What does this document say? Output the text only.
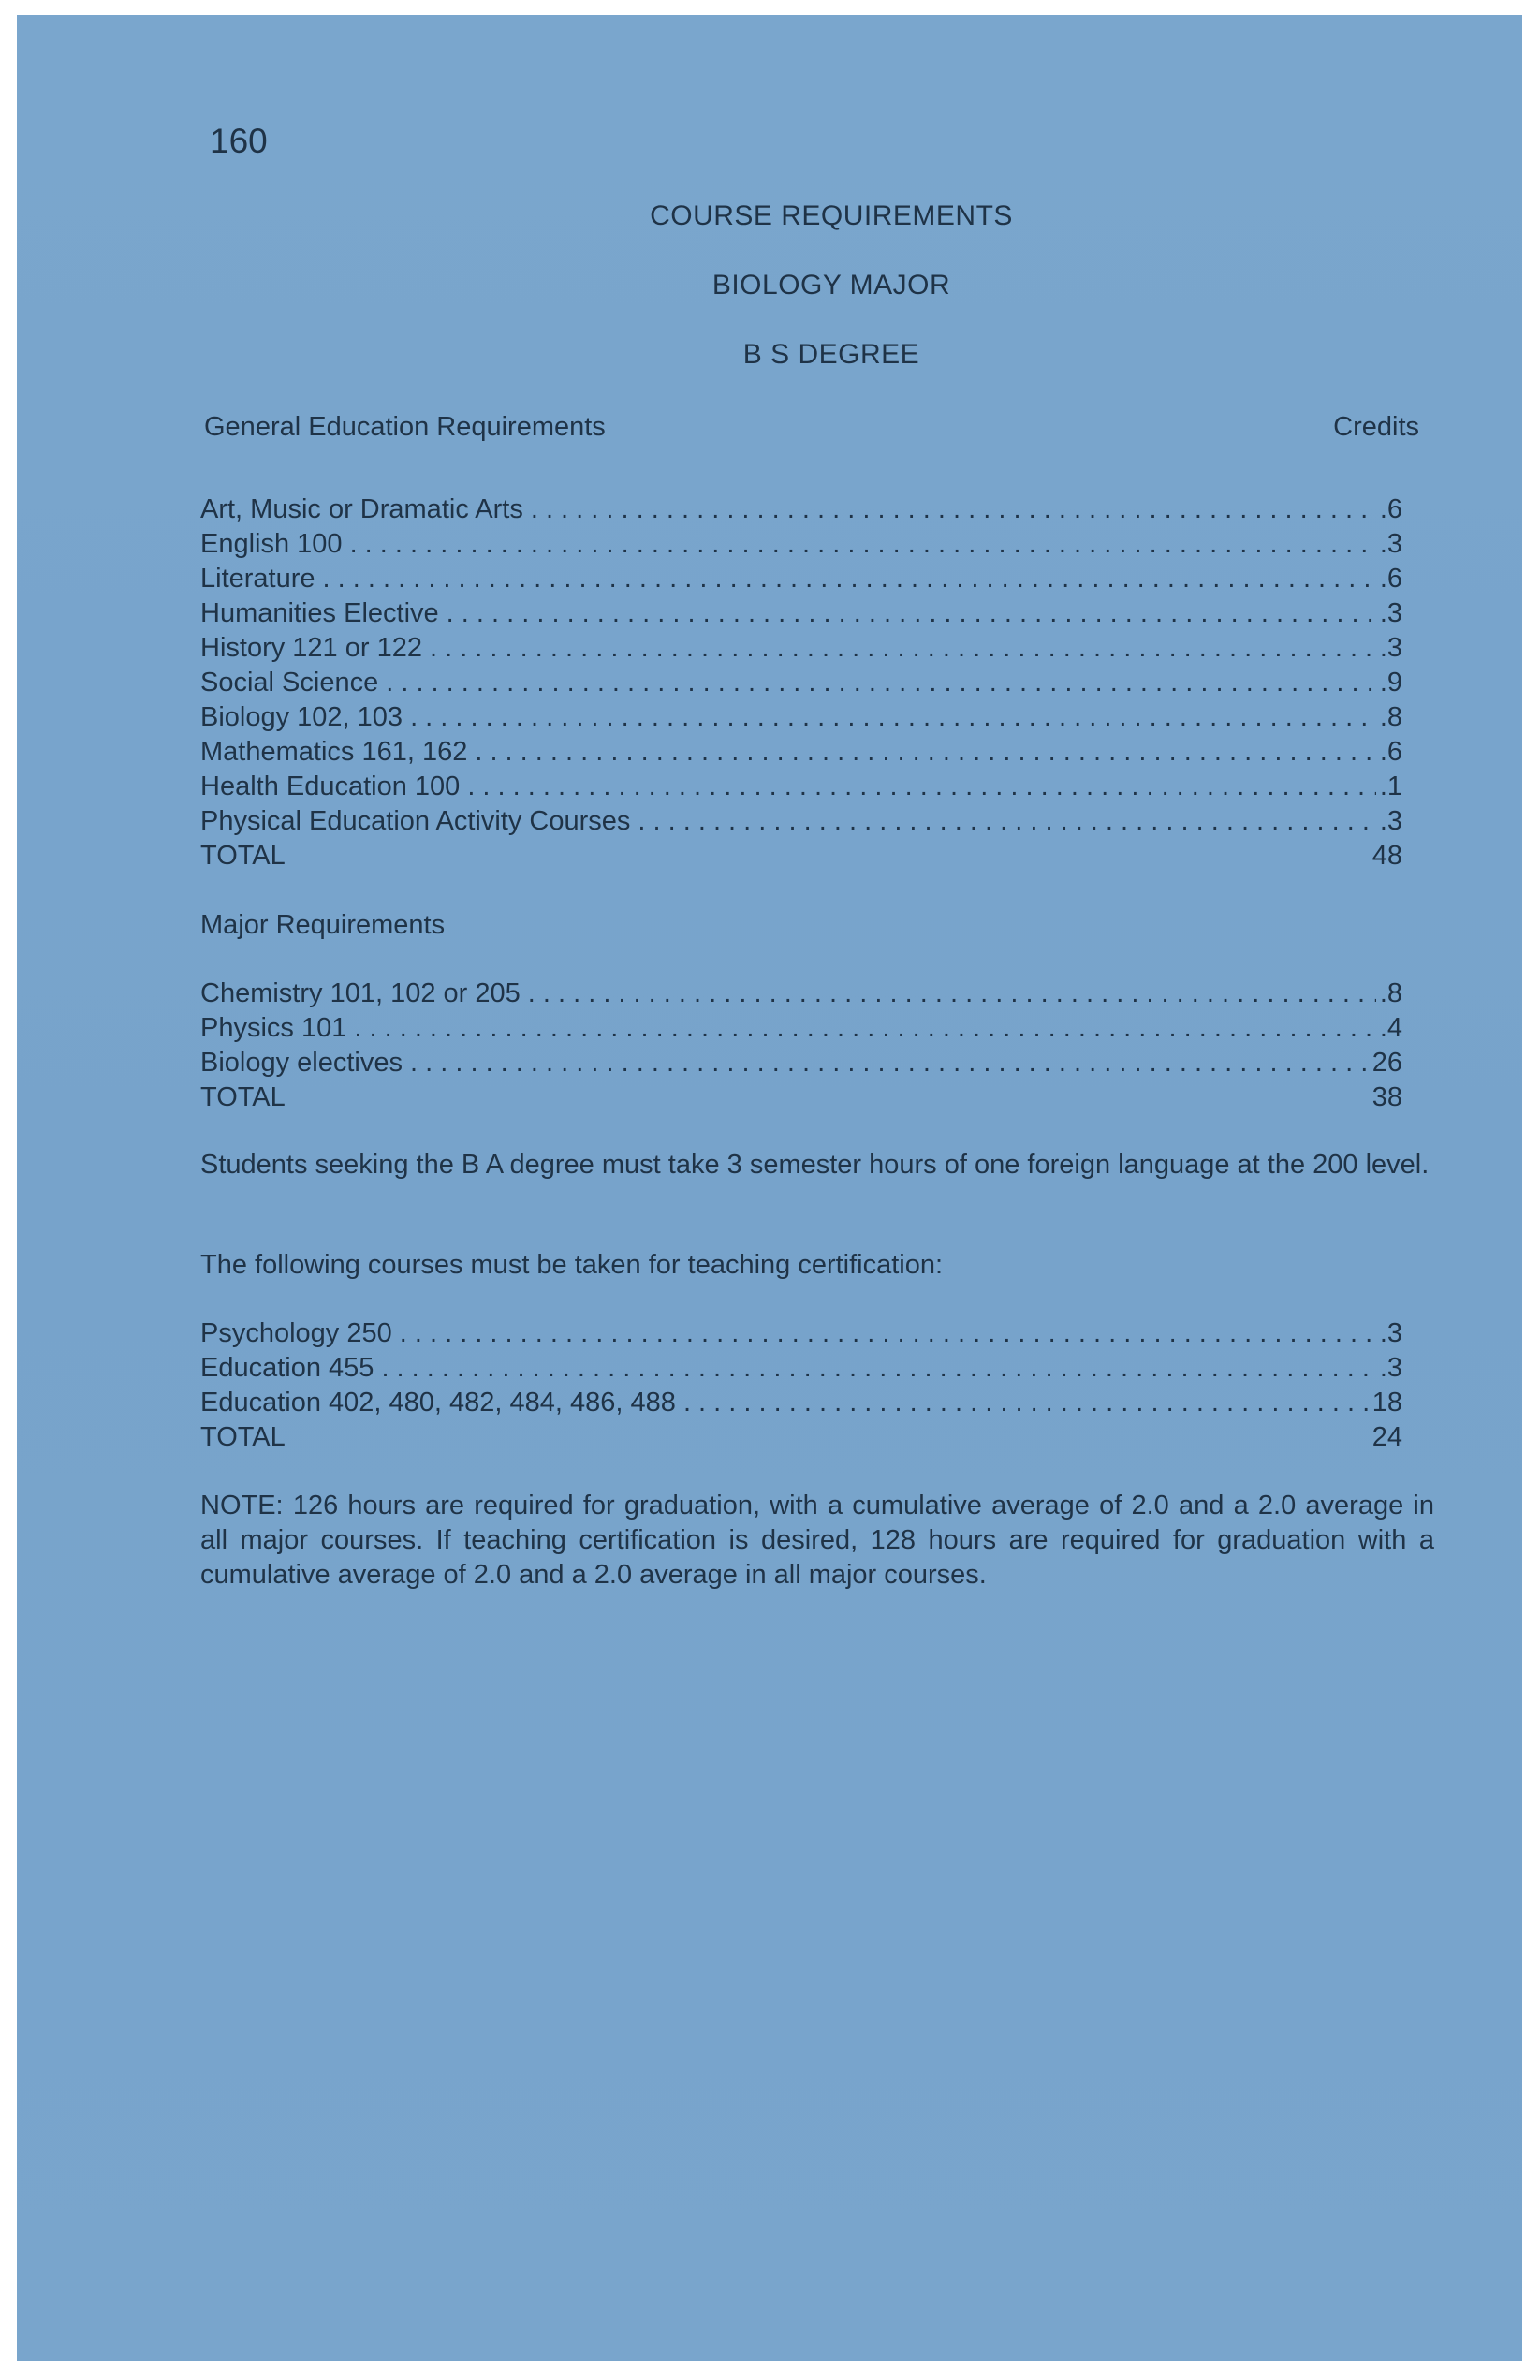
160
COURSE REQUIREMENTS
BIOLOGY MAJOR
B S DEGREE
General Education Requirements	Credits
Art, Music or Dramatic Arts . . .	.6
English 100 . . .	.3
Literature . . .	.6
Humanities Elective . . .	.3
History 121 or 122 . . .	.3
Social Science . . .	.9
Biology 102, 103 . . .	.8
Mathematics 161, 162 . . .	.6
Health Education 100 . . .	.1
Physical Education Activity Courses . . .	.3
TOTAL	48
Major Requirements
Chemistry 101, 102 or 205 . . .	.8
Physics 101 . . .	.4
Biology electives . . .	26
TOTAL	38
Students seeking the B A degree must take 3 semester hours of one foreign language at the 200 level.
The following courses must be taken for teaching certification:
Psychology 250 . . .	.3
Education 455 . . .	.3
Education 402, 480, 482, 484, 486, 488 . . .	18
TOTAL	24
NOTE: 126 hours are required for graduation, with a cumulative average of 2.0 and a 2.0 average in all major courses. If teaching certification is desired, 128 hours are required for graduation with a cumulative average of 2.0 and a 2.0 average in all major courses.
